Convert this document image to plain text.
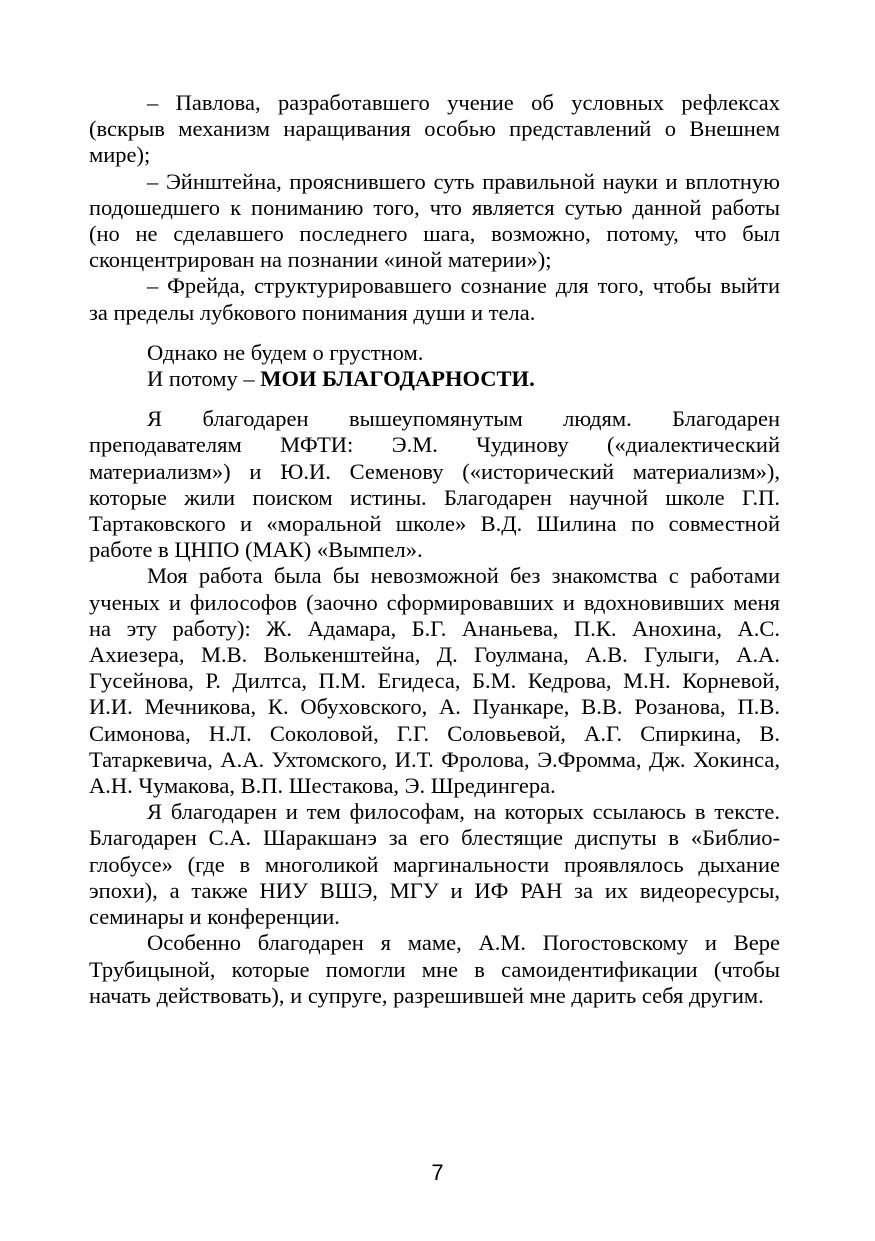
– Павлова, разработавшего учение об условных рефлексах (вскрыв механизм наращивания особью представлений о Внешнем мире);

– Эйнштейна, прояснившего суть правильной науки и вплотную подошедшего к пониманию того, что является сутью данной работы (но не сделавшего последнего шага, возможно, потому, что был сконцентрирован на познании «иной материи»);

– Фрейда, структурировавшего сознание для того, чтобы выйти за пределы лубкового понимания души и тела.

Однако не будем о грустном.

И потому – МОИ БЛАГОДАРНОСТИ.

Я благодарен вышеупомянутым людям. Благодарен преподавателям МФТИ: Э.М. Чудинову («диалектический материализм») и Ю.И. Семенову («исторический материализм»), которые жили поиском истины. Благодарен научной школе Г.П. Тартаковского и «моральной школе» В.Д. Шилина по совместной работе в ЦНПО (МАК) «Вымпел».

Моя работа была бы невозможной без знакомства с работами ученых и философов (заочно сформировавших и вдохновивших меня на эту работу): Ж. Адамара, Б.Г. Ананьева, П.К. Анохина, А.С. Ахиезера, М.В. Волькенштейна, Д. Гоулмана, А.В. Гулыги, А.А. Гусейнова, Р. Дилтса, П.М. Егидеса, Б.М. Кедрова, М.Н. Корневой, И.И. Мечникова, К. Обуховского, А. Пуанкаре, В.В. Розанова, П.В. Симонова, Н.Л. Соколовой, Г.Г. Соловьевой, А.Г. Спиркина, В. Татаркевича, А.А. Ухтомского, И.Т. Фролова, Э.Фромма, Дж. Хокинса, А.Н. Чумакова, В.П. Шестакова, Э. Шредингера.

Я благодарен и тем философам, на которых ссылаюсь в тексте. Благодарен С.А. Шаракшанэ за его блестящие диспуты в «Библио-глобусе» (где в многоликой маргинальности проявлялось дыхание эпохи), а также НИУ ВШЭ, МГУ и ИФ РАН за их видеоресурсы, семинары и конференции.

Особенно благодарен я маме, А.М. Погостовскому и Вере Трубицыной, которые помогли мне в самоидентификации (чтобы начать действовать), и супруге, разрешившей мне дарить себя другим.

7
